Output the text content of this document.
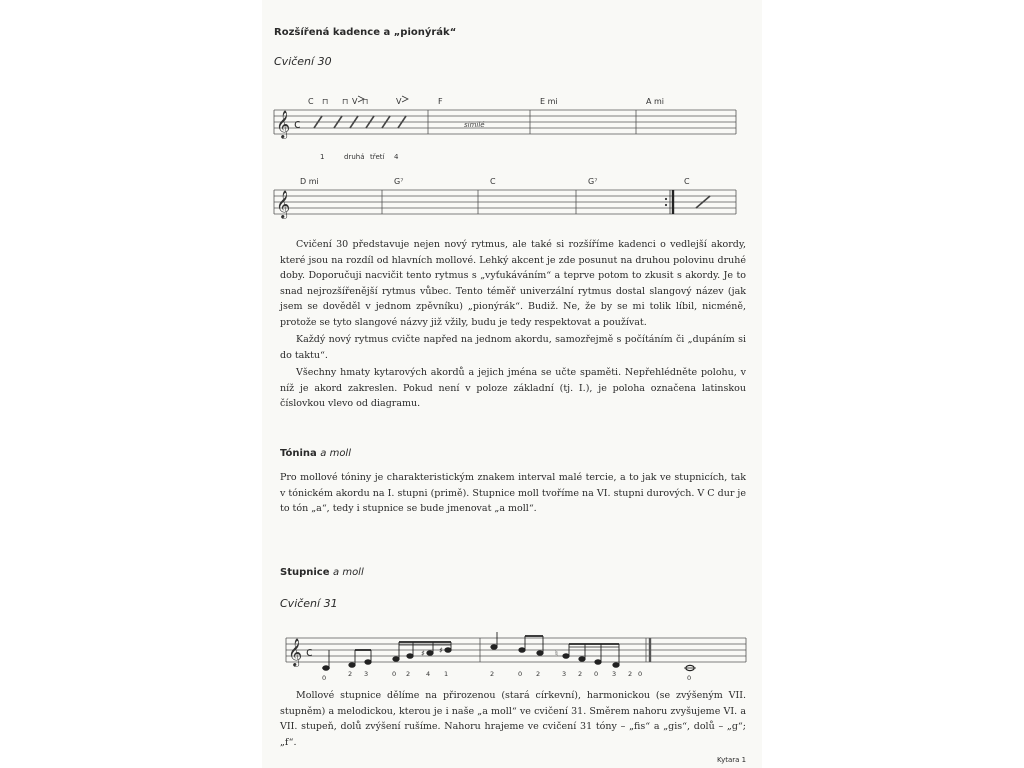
Rozšířená kadence a „pionýrák“
Cvičení 30
𝄞 c
C	V	V	F	E mi	A mi
⊓ ⊓ ⊓
similé
1	druhá třetí 4
𝄞
D mi	G⁷	C	G⁷	C

Cvičení 30 představuje nejen nový rytmus, ale také si rozšíříme kadenci o vedlejší akordy, které jsou na rozdíl od hlavních mollové. Lehký akcent je zde posunut na druhou polovinu druhé doby. Doporučuji nacvičit tento rytmus s „vyťukáváním“ a teprve potom to zkusit s akordy. Je to snad nejrozšířenější rytmus vůbec. Tento téměř univerzální rytmus dostal slangový název (jak jsem se dověděl v jednom zpěvníku) „pionýrák“. Budiž. Ne, že by se mi tolik líbil, nicméně, protože se tyto slangové názvy již vžily, budu je tedy respektovat a používat.

Každý nový rytmus cvičte napřed na jednom akordu, samozřejmě s počítáním či „dupáním si do taktu“.

Všechny hmaty kytarových akordů a jejich jména se učte spaměti. Nepřehlédněte polohu, v níž je akord zakreslen. Pokud není v poloze základní (tj. I.), je poloha označena latinskou číslovkou vlevo od diagramu.

Tónina a moll

Pro mollové tóniny je charakteristickým znakem interval malé tercie, a to jak ve stupnicích, tak v tónickém akordu na I. stupni (primě). Stupnice moll tvoříme na VI. stupni durových. V C dur je to tón „a“, tedy i stupnice se bude jmenovat „a moll“.

Stupnice a moll
Cvičení 31
𝄞 c	♯ ♯	♮
0	2 3	0 2 4 1	2	0 2	3 2 0 3 2 0	0

Mollové stupnice dělíme na přirozenou (stará církevní), harmonickou (se zvýšeným VII. stupněm) a melodickou, kterou je i naše „a moll“ ve cvičení 31. Směrem nahoru zvyšujeme VI. a VII. stupeň, dolů zvýšení rušíme. Nahoru hrajeme ve cvičení 31 tóny – „fis“ a „gis“, dolů – „g“; „f“.

Kytara 1
